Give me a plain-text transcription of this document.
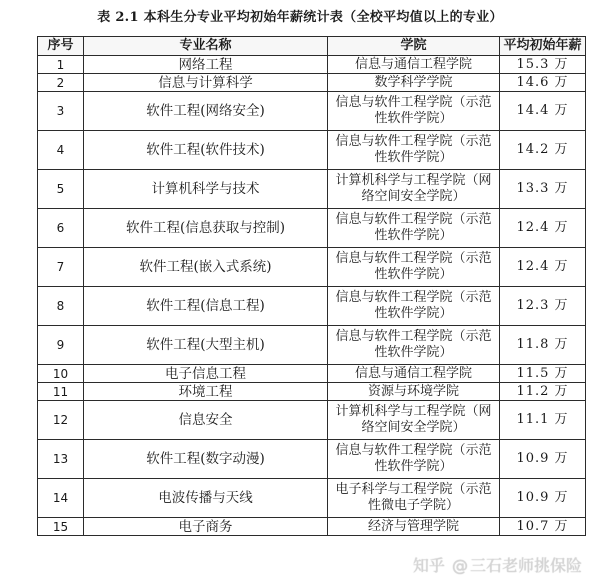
表 2.1 本科生分专业平均初始年薪统计表（全校平均值以上的专业）
序号	专业名称	学院	平均初始年薪
1	网络工程	信息与通信工程学院	15.3 万
2	信息与计算科学	数学科学学院	14.6 万
3	软件工程(网络安全)	信息与软件工程学院（示范性软件学院）	14.4 万
4	软件工程(软件技术)	信息与软件工程学院（示范性软件学院）	14.2 万
5	计算机科学与技术	计算机科学与工程学院（网络空间安全学院）	13.3 万
6	软件工程(信息获取与控制)	信息与软件工程学院（示范性软件学院）	12.4 万
7	软件工程(嵌入式系统)	信息与软件工程学院（示范性软件学院）	12.4 万
8	软件工程(信息工程)	信息与软件工程学院（示范性软件学院）	12.3 万
9	软件工程(大型主机)	信息与软件工程学院（示范性软件学院）	11.8 万
10	电子信息工程	信息与通信工程学院	11.5 万
11	环境工程	资源与环境学院	11.2 万
12	信息安全	计算机科学与工程学院（网络空间安全学院）	11.1 万
13	软件工程(数字动漫)	信息与软件工程学院（示范性软件学院）	10.9 万
14	电波传播与天线	电子科学与工程学院（示范性微电子学院）	10.9 万
15	电子商务	经济与管理学院	10.7 万
知乎 @ 三石老师挑保险
